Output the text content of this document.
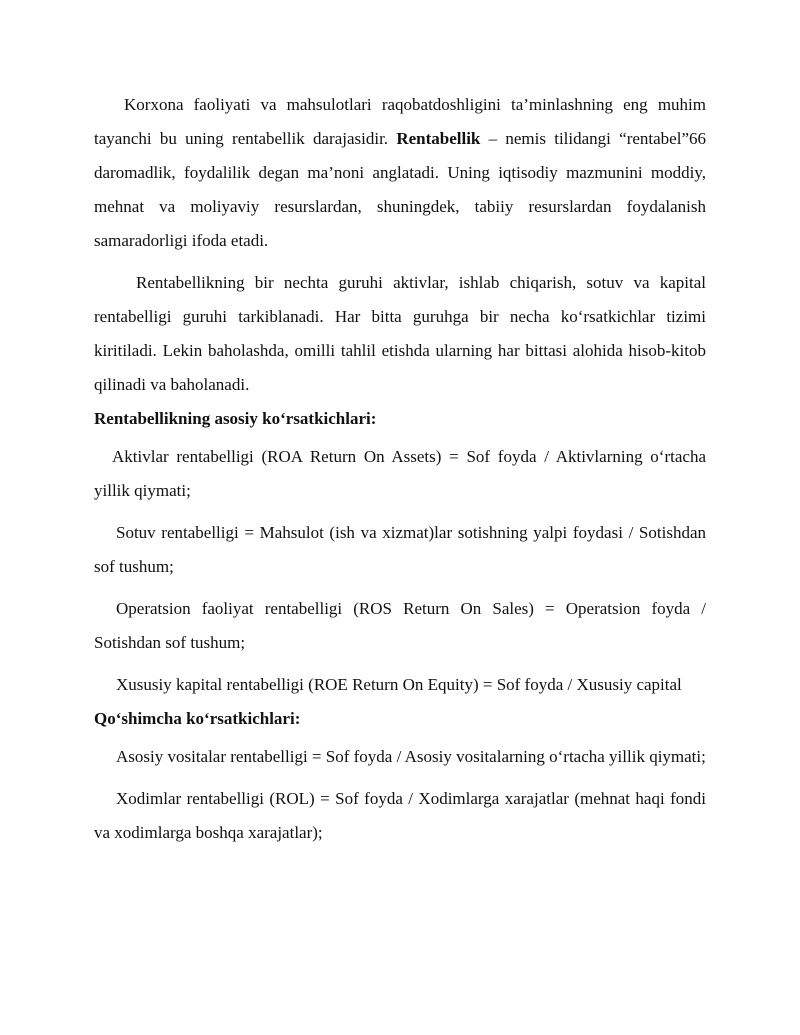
Korxona faoliyati va mahsulotlari raqobatdoshligini ta’minlashning eng muhim tayanchi bu uning rentabellik darajasidir. Rentabellik – nemis tilidangi “rentabel”66 daromadlik, foydalilik degan ma’noni anglatadi. Uning iqtisodiy mazmunini moddiy, mehnat va moliyaviy resurslardan, shuningdek, tabiiy resurslardan foydalanish samaradorligi ifoda etadi.

Rentabellikning bir nechta guruhi aktivlar, ishlab chiqarish, sotuv va kapital rentabelligi guruhi tarkiblanadi. Har bitta guruhga bir necha ko‘rsatkichlar tizimi kiritiladi. Lekin baholashda, omilli tahlil etishda ularning har bittasi alohida hisob-kitob qilinadi va baholanadi.

Rentabellikning asosiy ko‘rsatkichlari:

Aktivlar rentabelligi (ROA Return On Assets) = Sof foyda / Aktivlarning o‘rtacha yillik qiymati;

Sotuv rentabelligi = Mahsulot (ish va xizmat)lar sotishning yalpi foydasi / Sotishdan sof tushum;

Operatsion faoliyat rentabelligi (ROS Return On Sales) = Operatsion foyda / Sotishdan sof tushum;

Xususiy kapital rentabelligi (ROE Return On Equity) = Sof foyda / Xususiy capital

Qo‘shimcha ko‘rsatkichlari:

Asosiy vositalar rentabelligi = Sof foyda / Asosiy vositalarning o‘rtacha yillik qiymati;

Xodimlar rentabelligi (ROL) = Sof foyda / Xodimlarga xarajatlar (mehnat haqi fondi va xodimlarga boshqa xarajatlar);
